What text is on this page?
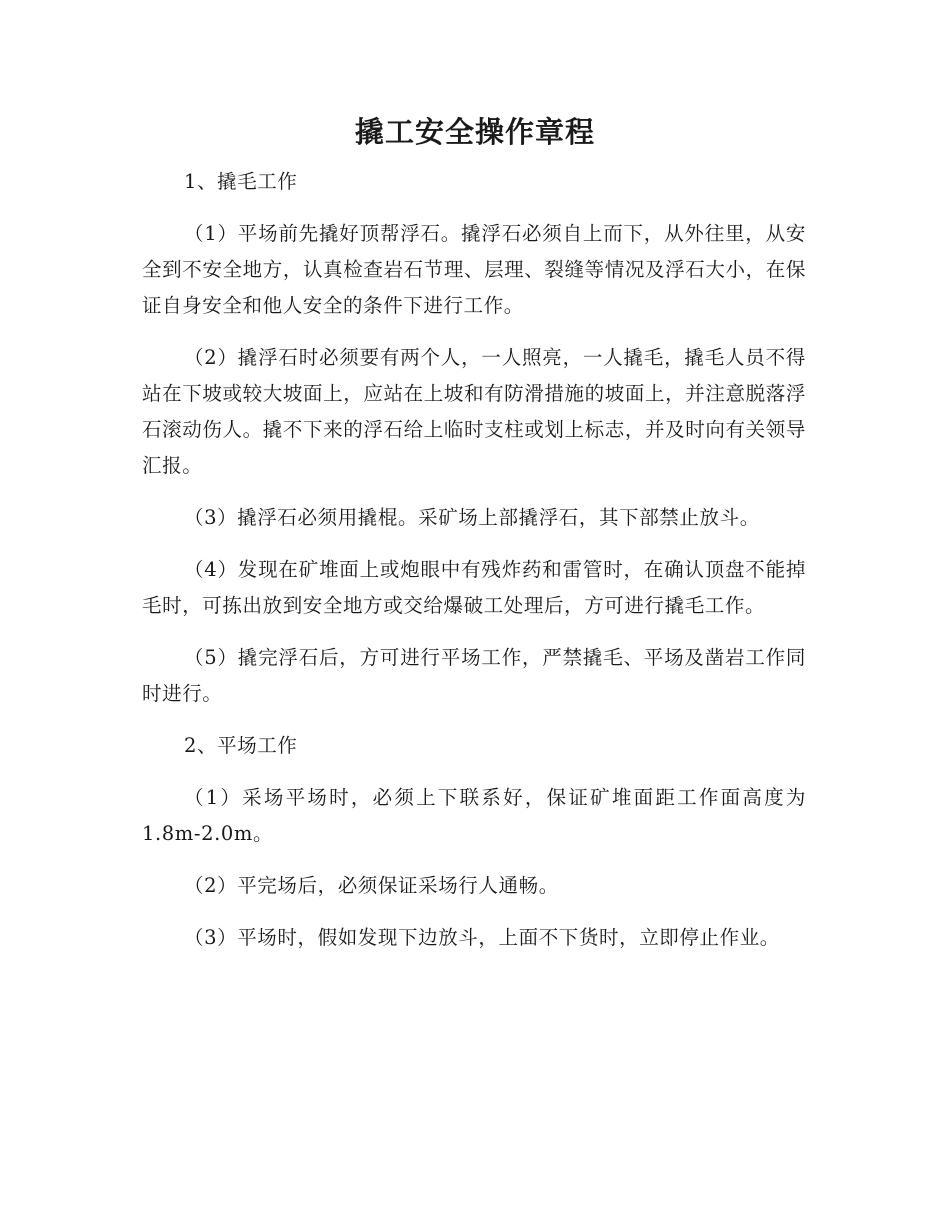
撬工安全操作章程

1、撬毛工作

（1）平场前先撬好顶帮浮石。撬浮石必须自上而下，从外往里，从安全到不安全地方，认真检查岩石节理、层理、裂缝等情况及浮石大小，在保证自身安全和他人安全的条件下进行工作。

（2）撬浮石时必须要有两个人，一人照亮，一人撬毛，撬毛人员不得站在下坡或较大坡面上，应站在上坡和有防滑措施的坡面上，并注意脱落浮石滚动伤人。撬不下来的浮石给上临时支柱或划上标志，并及时向有关领导汇报。

（3）撬浮石必须用撬棍。采矿场上部撬浮石，其下部禁止放斗。

（4）发现在矿堆面上或炮眼中有残炸药和雷管时，在确认顶盘不能掉毛时，可拣出放到安全地方或交给爆破工处理后，方可进行撬毛工作。

（5）撬完浮石后，方可进行平场工作，严禁撬毛、平场及凿岩工作同时进行。

2、平场工作

（1）采场平场时，必须上下联系好，保证矿堆面距工作面高度为1.8m-2.0m。

（2）平完场后，必须保证采场行人通畅。

（3）平场时，假如发现下边放斗，上面不下货时，立即停止作业。
